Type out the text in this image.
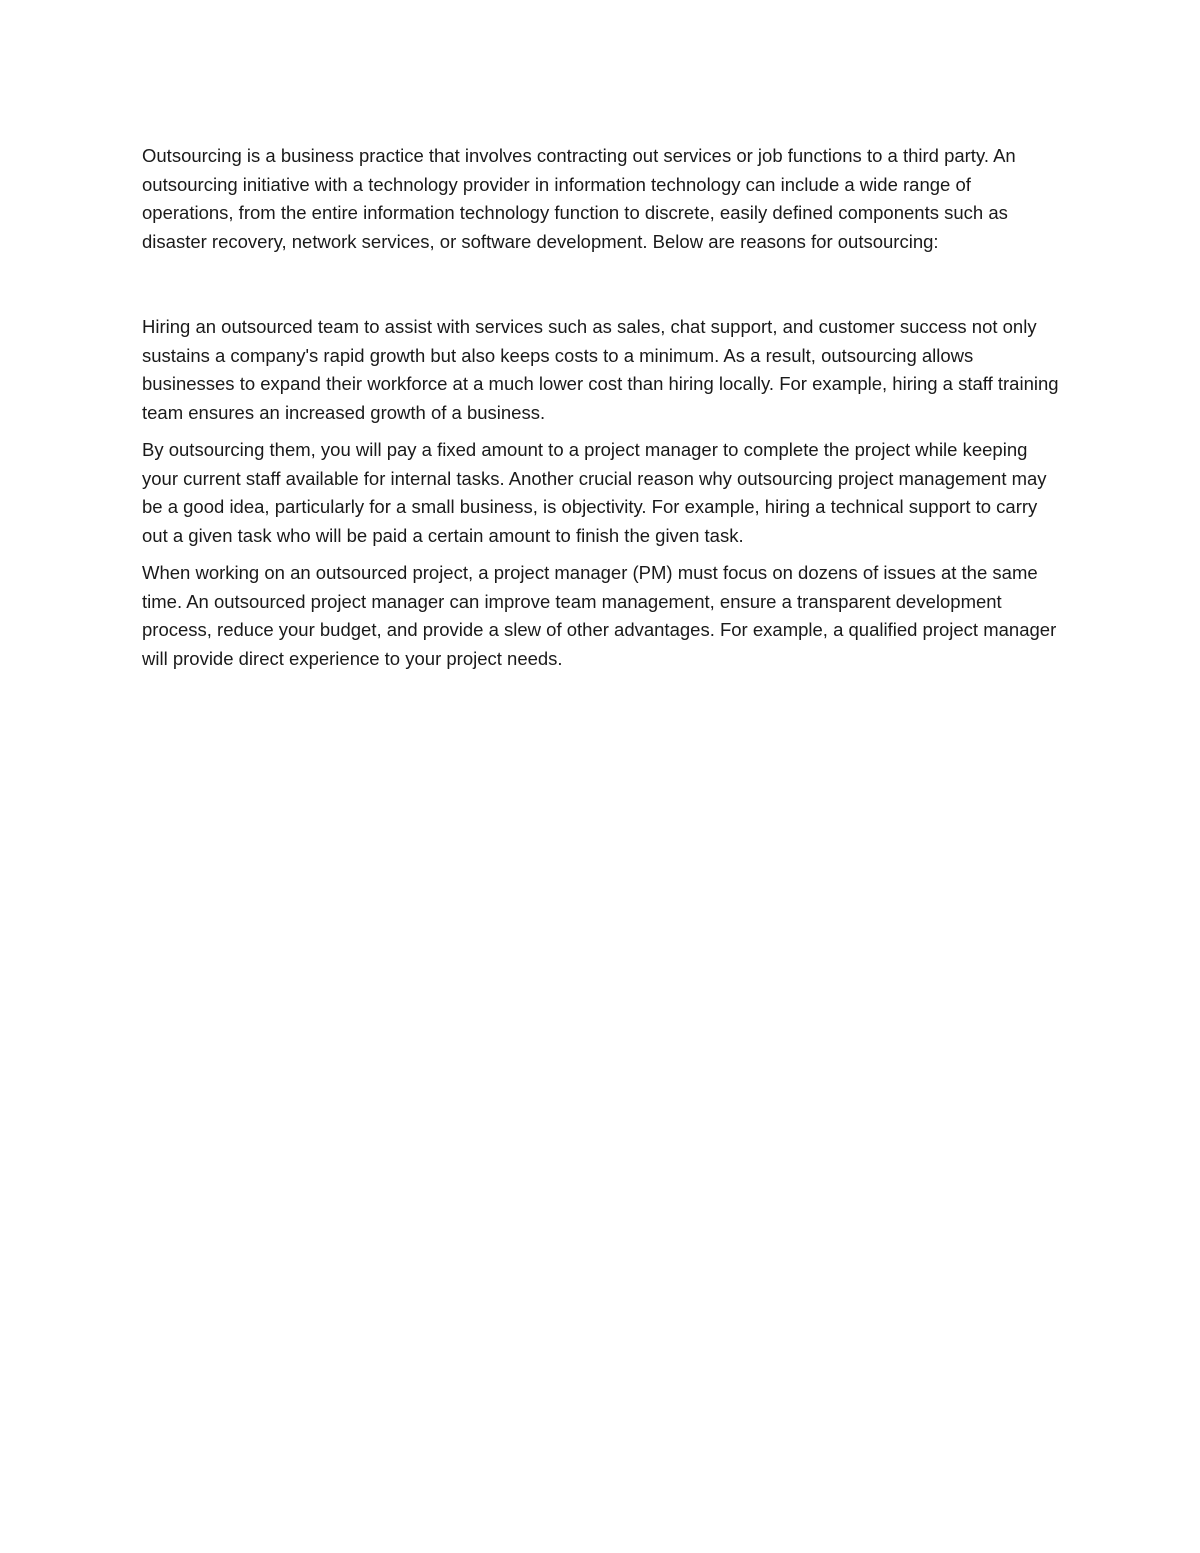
Outsourcing is a business practice that involves contracting out services or job functions to a third party. An outsourcing initiative with a technology provider in information technology can include a wide range of operations, from the entire information technology function to discrete, easily defined components such as disaster recovery, network services, or software development. Below are reasons for outsourcing:

Hiring an outsourced team to assist with services such as sales, chat support, and customer success not only sustains a company's rapid growth but also keeps costs to a minimum. As a result, outsourcing allows businesses to expand their workforce at a much lower cost than hiring locally. For example, hiring a staff training team ensures an increased growth of a business.

By outsourcing them, you will pay a fixed amount to a project manager to complete the project while keeping your current staff available for internal tasks. Another crucial reason why outsourcing project management may be a good idea, particularly for a small business, is objectivity. For example, hiring a technical support to carry out a given task who will be paid a certain amount to finish the given task.

When working on an outsourced project, a project manager (PM) must focus on dozens of issues at the same time. An outsourced project manager can improve team management, ensure a transparent development process, reduce your budget, and provide a slew of other advantages. For example, a qualified project manager will provide direct experience to your project needs.
